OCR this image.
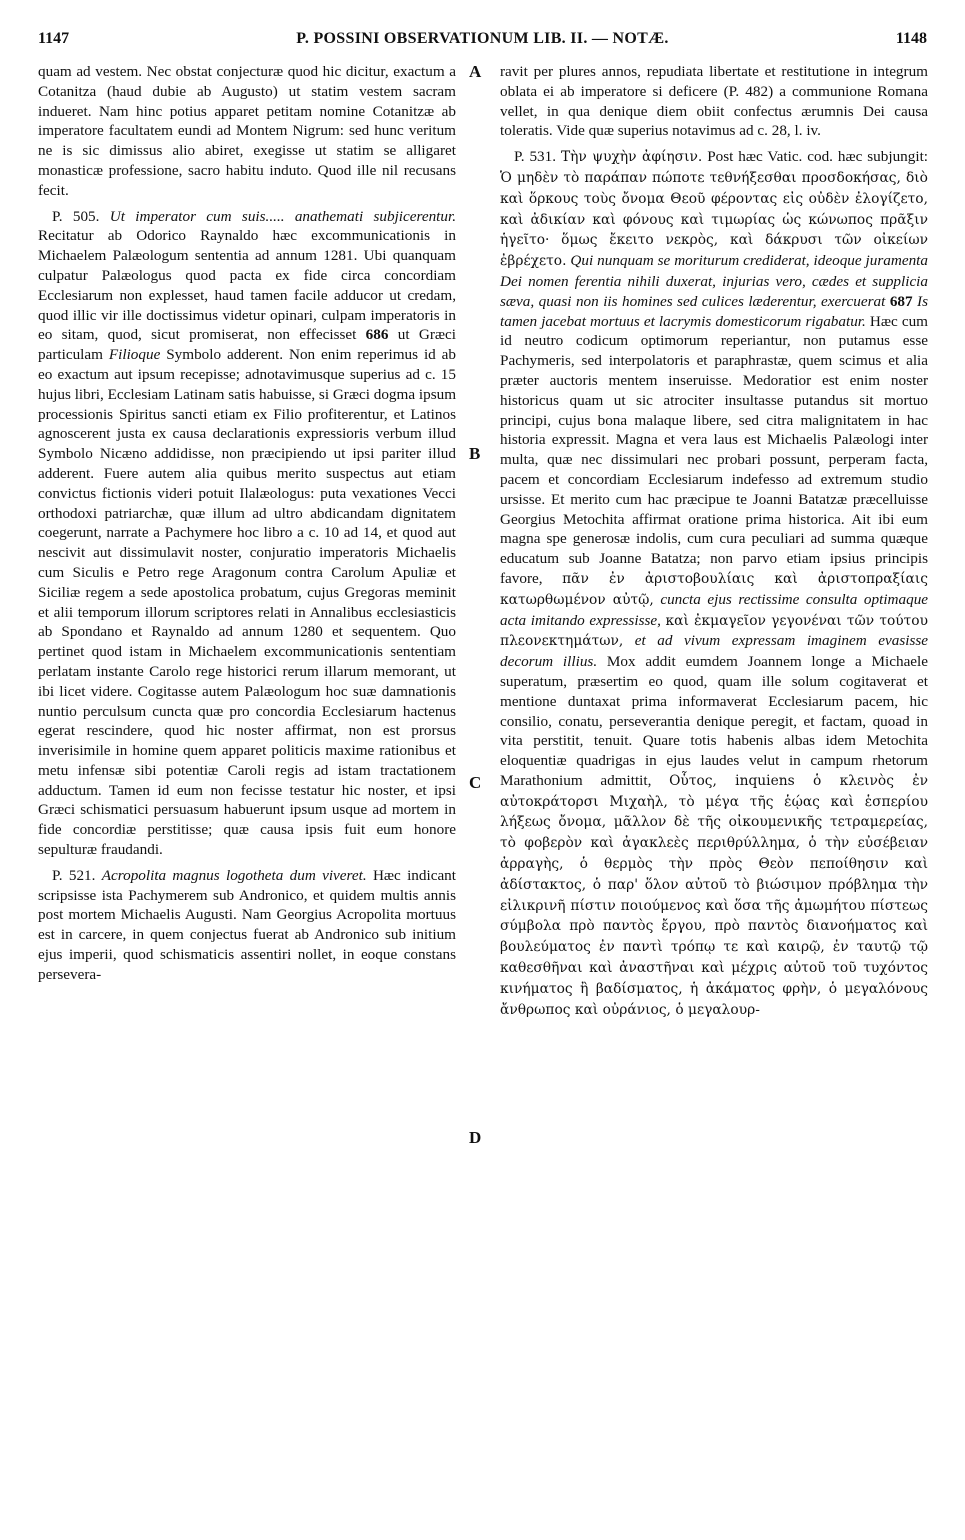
1147	P. POSSINI OBSERVATIONUM LIB. II. — NOTÆ.	1148
A
B
C
D

quam ad vestem. Nec obstat conjecturæ quod hic dicitur, exactum a Cotanitza (haud dubie ab Augusto) ut statim vestem sacram indueret. Nam hinc potius apparet petitam nomine Cotanitzæ ab imperatore facultatem eundi ad Montem Nigrum: sed hunc veritum ne is sic dimissus alio abiret, exegisse ut statim se alligaret monasticæ professione, sacro habitu induto. Quod ille nil recusans fecit.

P. 505. Ut imperator cum suis..... anathemati subjicerentur. Recitatur ab Odorico Raynaldo hæc excommunicationis in Michaelem Palæologum sententia ad annum 1281. Ubi quanquam culpatur Palæologus quod pacta ex fide circa concordiam Ecclesiarum non explesset, haud tamen facile adducor ut credam, quod illic vir ille doctissimus videtur opinari, culpam imperatoris in eo sitam, quod, sicut promiserat, non effecisset 686 ut Græci particulam Filioque Symbolo adderent. Non enim reperimus id ab eo exactum aut ipsum recepisse; adnotavimusque superius ad c. 15 hujus libri, Ecclesiam Latinam satis habuisse, si Græci dogma ipsum processionis Spiritus sancti etiam ex Filio profiterentur, et Latinos agnoscerent justa ex causa declarationis expressioris verbum illud Symbolo Nicæno addidisse, non præcipiendo ut ipsi pariter illud adderent. Fuere autem alia quibus merito suspectus aut etiam convictus fictionis videri potuit Ilalæologus: puta vexationes Vecci orthodoxi patriarchæ, quæ illum ad ultro abdicandam dignitatem coegerunt, narrate a Pachymere hoc libro a c. 10 ad 14, et quod aut nescivit aut dissimulavit noster, conjuratio imperatoris Michaelis cum Siculis e Petro rege Aragonum contra Carolum Apuliæ et Siciliæ regem a sede apostolica probatum, cujus Gregoras meminit et alii temporum illorum scriptores relati in Annalibus ecclesiasticis ab Spondano et Raynaldo ad annum 1280 et sequentem. Quo pertinet quod istam in Michaelem excommunicationis sententiam perlatam instante Carolo rege historici rerum illarum memorant, ut ibi licet videre. Cogitasse autem Palæologum hoc suæ damnationis nuntio perculsum cuncta quæ pro concordia Ecclesiarum hactenus egerat rescindere, quod hic noster affirmat, non est prorsus inverisimile in homine quem apparet politicis maxime rationibus et metu infensæ sibi potentiæ Caroli regis ad istam tractationem adductum. Tamen id eum non fecisse testatur hic noster, et ipsi Græci schismatici persuasum habuerunt ipsum usque ad mortem in fide concordiæ perstitisse; quæ causa ipsis fuit eum honore sepulturæ fraudandi.

P. 521. Acropolita magnus logotheta dum viveret. Hæc indicant scripsisse ista Pachymerem sub Andronico, et quidem multis annis post mortem Michaelis Augusti. Nam Georgius Acropolita mortuus est in carcere, in quem conjectus fuerat ab Andronico sub initium ejus imperii, quod schismaticis assentiri nollet, in eoque constans persevera-

ravit per plures annos, repudiata libertate et restitutione in integrum oblata ei ab imperatore si deficere (P. 482) a communione Romana vellet, in qua denique diem obiit confectus ærumnis Dei causa toleratis. Vide quæ superius notavimus ad c. 28, l. iv.

P. 531. Τὴν ψυχὴν ἀφίησιν. Post hæc Vatic. cod. hæc subjungit: Ὁ μηδὲν τὸ παράπαν πώποτε τεθνήξεσθαι προσδοκήσας, διὸ καὶ ὅρκους τοὺς ὄνομα Θεοῦ φέροντας εἰς οὐδὲν ἐλογίζετο, καὶ ἀδικίαν καὶ φόνους καὶ τιμωρίας ὡς κώνωπος πρᾶξιν ἡγεῖτο· ὅμως ἔκειτο νεκρὸς, καὶ δάκρυσι τῶν οἰκείων ἐβρέχετο. Qui nunquam se moriturum crediderat, ideoque juramenta Dei nomen ferentia nihili duxerat, injurias vero, cædes et supplicia sæva, quasi non iis homines sed culices læderentur, exercuerat 687 Is tamen jacebat mortuus et lacrymis domesticorum rigabatur. Hæc cum id neutro codicum optimorum reperiantur, non putamus esse Pachymeris, sed interpolatoris et paraphrastæ, quem scimus et alia præter auctoris mentem inseruisse. Medoratior est enim noster historicus quam ut sic atrociter insultasse putandus sit mortuo principi, cujus bona malaque libere, sed citra malignitatem in hac historia expressit. Magna et vera laus est Michaelis Palæologi inter multa, quæ nec dissimulari nec probari possunt, perperam facta, pacem et concordiam Ecclesiarum indefesso ad extremum studio ursisse. Et merito cum hac præcipue te Joanni Batatzæ præcelluisse Georgius Metochita affirmat oratione prima historica. Ait ibi eum magna spe generosæ indolis, cum cura peculiari ad summa quæque educatum sub Joanne Batatza; non parvo etiam ipsius principis favore, πᾶν ἐν ἀριστοβουλίαις καὶ ἀριστοπραξίαις κατωρθωμένον αὐτῷ, cuncta ejus rectissime consulta optimaque acta imitando expressisse, καὶ ἐκμαγεῖον γεγονέναι τῶν τούτου πλεονεκτημάτων, et ad vivum expressam imaginem evasisse decorum illius. Mox addit eumdem Joannem longe a Michaele superatum, præsertim eo quod, quam ille solum cogitaverat et mentione duntaxat prima informaverat Ecclesiarum pacem, hic consilio, conatu, perseverantia denique peregit, et factam, quoad in vita perstitit, tenuit. Quare totis habenis albas idem Metochita eloquentiæ quadrigas in ejus laudes velut in campum rhetorum Marathonium admittit, Οὗτος, inquiens ὁ κλεινὸς ἐν αὐτοκράτορσι Μιχαὴλ, τὸ μέγα τῆς ἑῴας καὶ ἑσπερίου λήξεως ὄνομα, μᾶλλον δὲ τῆς οἰκουμενικῆς τετραμερείας, τὸ φοβερὸν καὶ ἀγακλεὲς περιθρύλλημα, ὁ τὴν εὐσέβειαν ἀρραγὴς, ὁ θερμὸς τὴν πρὸς Θεὸν πεποίθησιν καὶ ἀδίστακτος, ὁ παρ' ὅλον αὐτοῦ τὸ βιώσιμον πρόβλημα τὴν εἰλικρινῆ πίστιν ποιούμενος καὶ ὅσα τῆς ἀμωμήτου πίστεως σύμβολα πρὸ παντὸς ἔργου, πρὸ παντὸς διανοήματος καὶ βουλεύματος ἐν παντὶ τρόπῳ τε καὶ καιρῷ, ἐν ταυτῷ τῷ καθεσθῆναι καὶ ἀναστῆναι καὶ μέχρις αὐτοῦ τοῦ τυχόντος κινήματος ἢ βαδίσματος, ἡ ἀκάματος φρὴν, ὁ μεγαλόνους ἄνθρωπος καὶ οὐράνιος, ὁ μεγαλουρ-
